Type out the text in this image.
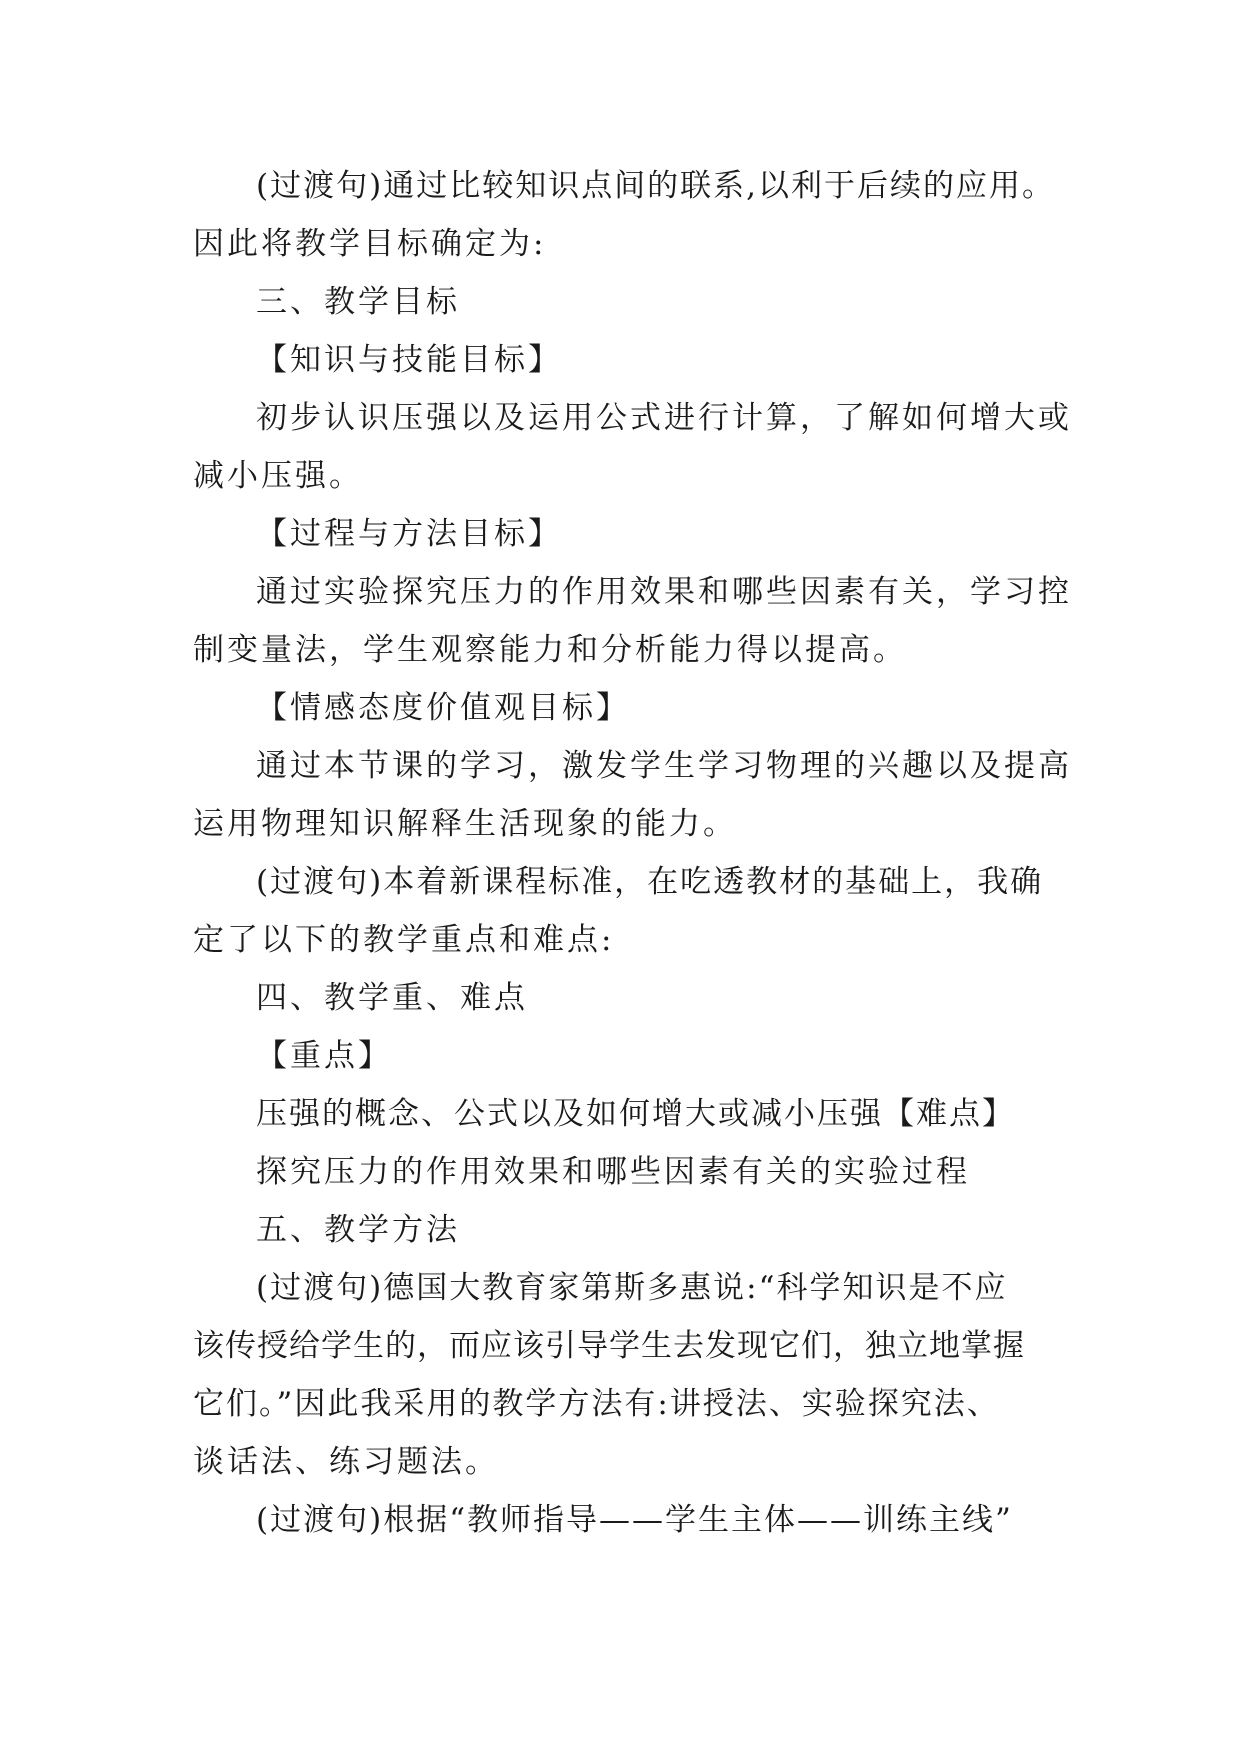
(过渡句)通过比较知识点间的联系,以利于后续的应用。
因此将教学目标确定为:
三、教学目标
【知识与技能目标】
初步认识压强以及运用公式进行计算，了解如何增大或
减小压强。
【过程与方法目标】
通过实验探究压力的作用效果和哪些因素有关，学习控
制变量法，学生观察能力和分析能力得以提高。
【情感态度价值观目标】
通过本节课的学习，激发学生学习物理的兴趣以及提高
运用物理知识解释生活现象的能力。
(过渡句)本着新课程标准，在吃透教材的基础上，我确
定了以下的教学重点和难点:
四、教学重、难点
【重点】
压强的概念、公式以及如何增大或减小压强【难点】
探究压力的作用效果和哪些因素有关的实验过程
五、教学方法
(过渡句)德国大教育家第斯多惠说:“科学知识是不应
该传授给学生的，而应该引导学生去发现它们，独立地掌握
它们。”因此我采用的教学方法有:讲授法、实验探究法、
谈话法、练习题法。
(过渡句)根据“教师指导——学生主体——训练主线”
